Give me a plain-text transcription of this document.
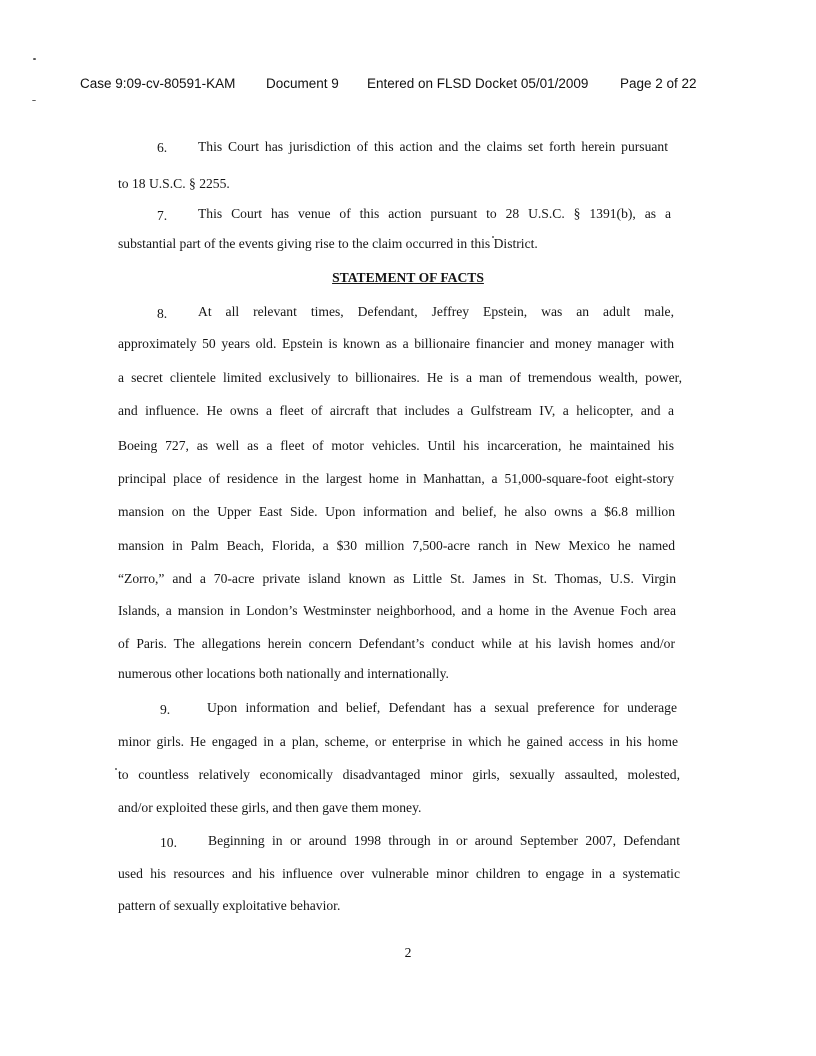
Case 9:09-cv-80591-KAM Document 9 Entered on FLSD Docket 05/01/2009 Page 2 of 22
6. This Court has jurisdiction of this action and the claims set forth herein pursuant
to 18 U.S.C. § 2255.
7. This Court has venue of this action pursuant to 28 U.S.C. § 1391(b), as a
substantial part of the events giving rise to the claim occurred in this District.
STATEMENT OF FACTS
8. At all relevant times, Defendant, Jeffrey Epstein, was an adult male,
approximately 50 years old. Epstein is known as a billionaire financier and money manager with
a secret clientele limited exclusively to billionaires. He is a man of tremendous wealth, power,
and influence. He owns a fleet of aircraft that includes a Gulfstream IV, a helicopter, and a
Boeing 727, as well as a fleet of motor vehicles. Until his incarceration, he maintained his
principal place of residence in the largest home in Manhattan, a 51,000-square-foot eight-story
mansion on the Upper East Side. Upon information and belief, he also owns a $6.8 million
mansion in Palm Beach, Florida, a $30 million 7,500-acre ranch in New Mexico he named
“Zorro,” and a 70-acre private island known as Little St. James in St. Thomas, U.S. Virgin
Islands, a mansion in London’s Westminster neighborhood, and a home in the Avenue Foch area
of Paris. The allegations herein concern Defendant’s conduct while at his lavish homes and/or
numerous other locations both nationally and internationally.
9.	Upon information and belief, Defendant has a sexual preference for underage
minor girls. He engaged in a plan, scheme, or enterprise in which he gained access in his home
to countless relatively economically disadvantaged minor girls, sexually assaulted, molested,
and/or exploited these girls, and then gave them money.
10. Beginning in or around 1998 through in or around September 2007, Defendant
used his resources and his influence over vulnerable minor children to engage in a systematic
pattern of sexually exploitative behavior.
2
